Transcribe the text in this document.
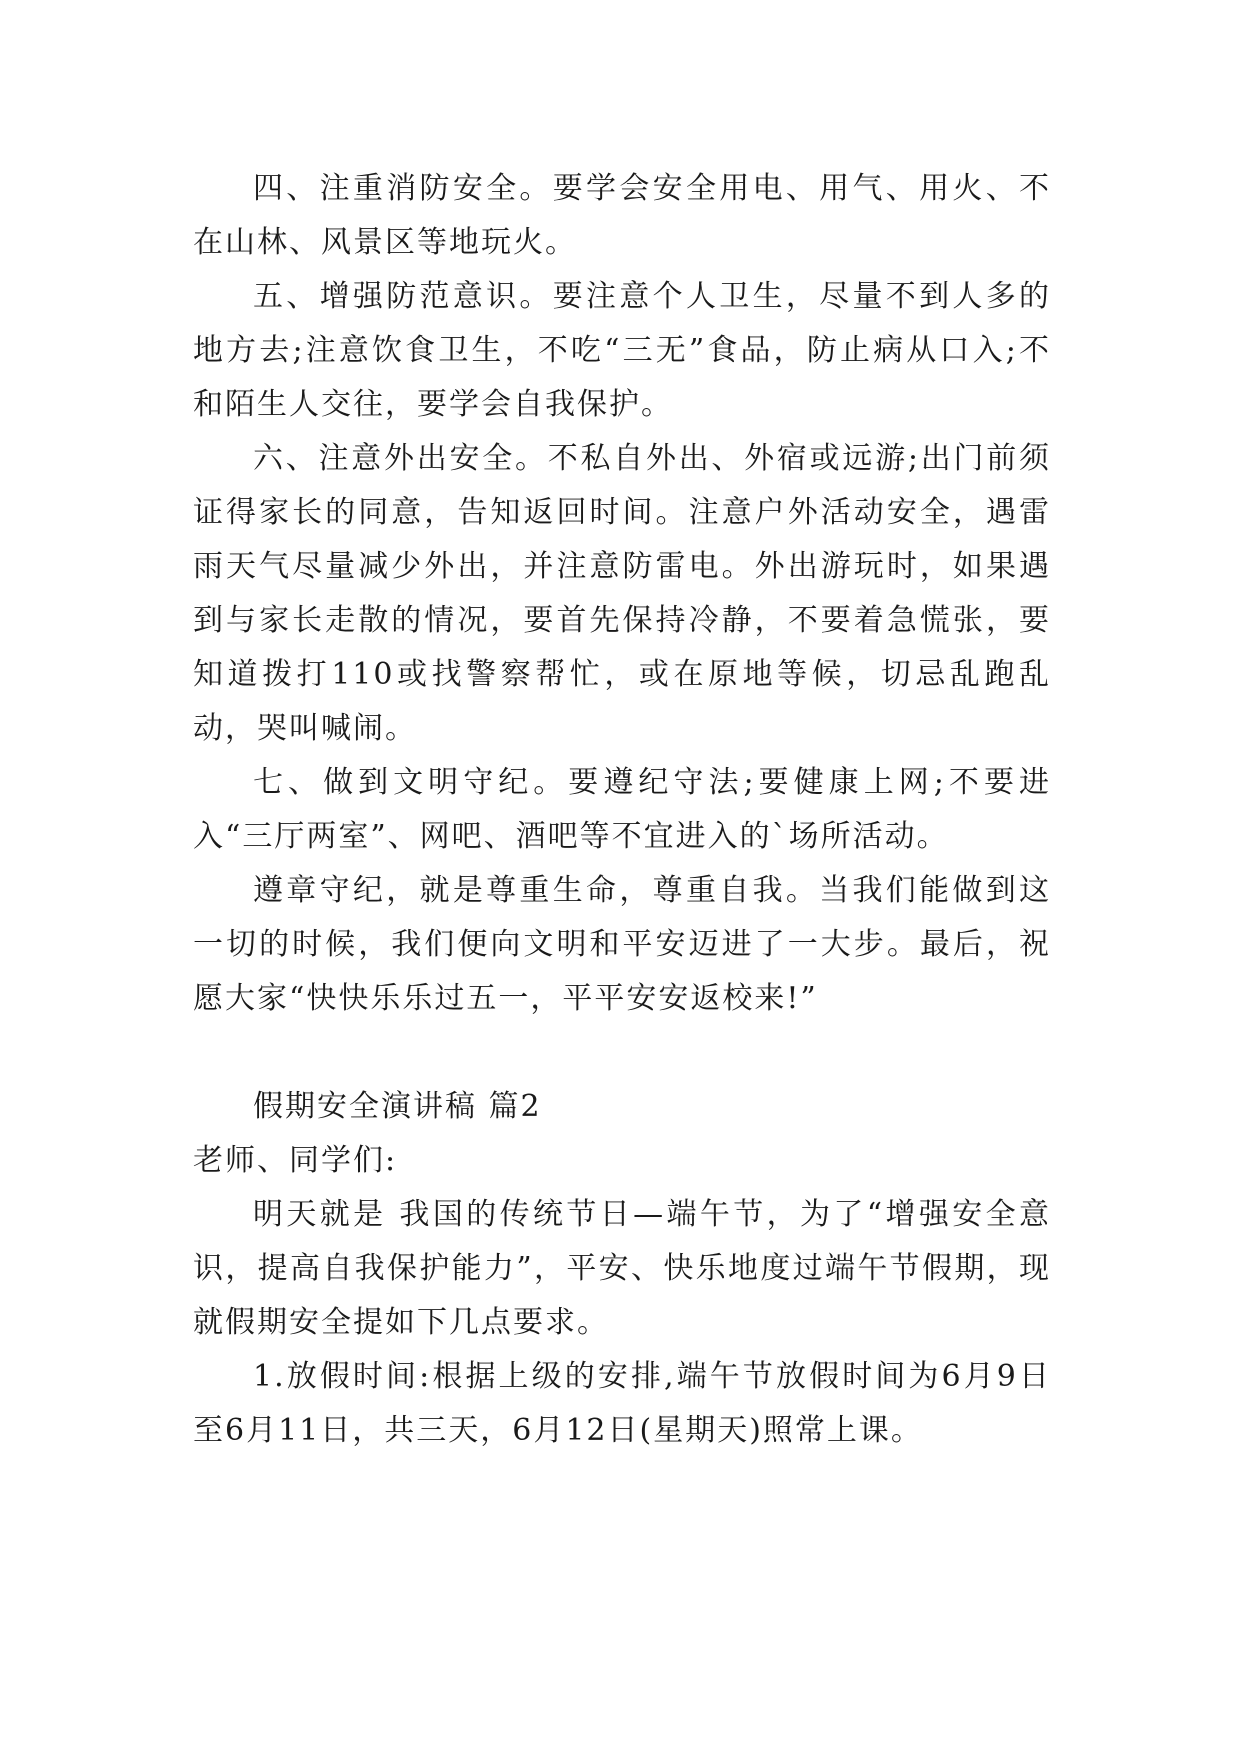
四、注重消防安全。要学会安全用电、用气、用火、不在山林、风景区等地玩火。

五、增强防范意识。要注意个人卫生，尽量不到人多的地方去;注意饮食卫生，不吃“三无”食品，防止病从口入;不和陌生人交往，要学会自我保护。

六、注意外出安全。不私自外出、外宿或远游;出门前须证得家长的同意，告知返回时间。注意户外活动安全，遇雷雨天气尽量减少外出，并注意防雷电。外出游玩时，如果遇到与家长走散的情况，要首先保持冷静，不要着急慌张，要知道拨打110或找警察帮忙，或在原地等候，切忌乱跑乱动，哭叫喊闹。

七、做到文明守纪。要遵纪守法;要健康上网;不要进入“三厅两室”、网吧、酒吧等不宜进入的`场所活动。

遵章守纪，就是尊重生命，尊重自我。当我们能做到这一切的时候，我们便向文明和平安迈进了一大步。最后，祝愿大家“快快乐乐过五一，平平安安返校来!”

假期安全演讲稿 篇2

老师、同学们:

明天就是 我国的传统节日—端午节，为了“增强安全意识，提高自我保护能力”，平安、快乐地度过端午节假期，现就假期安全提如下几点要求。

1.放假时间:根据上级的安排,端午节放假时间为6月9日至6月11日，共三天，6月12日(星期天)照常上课。
